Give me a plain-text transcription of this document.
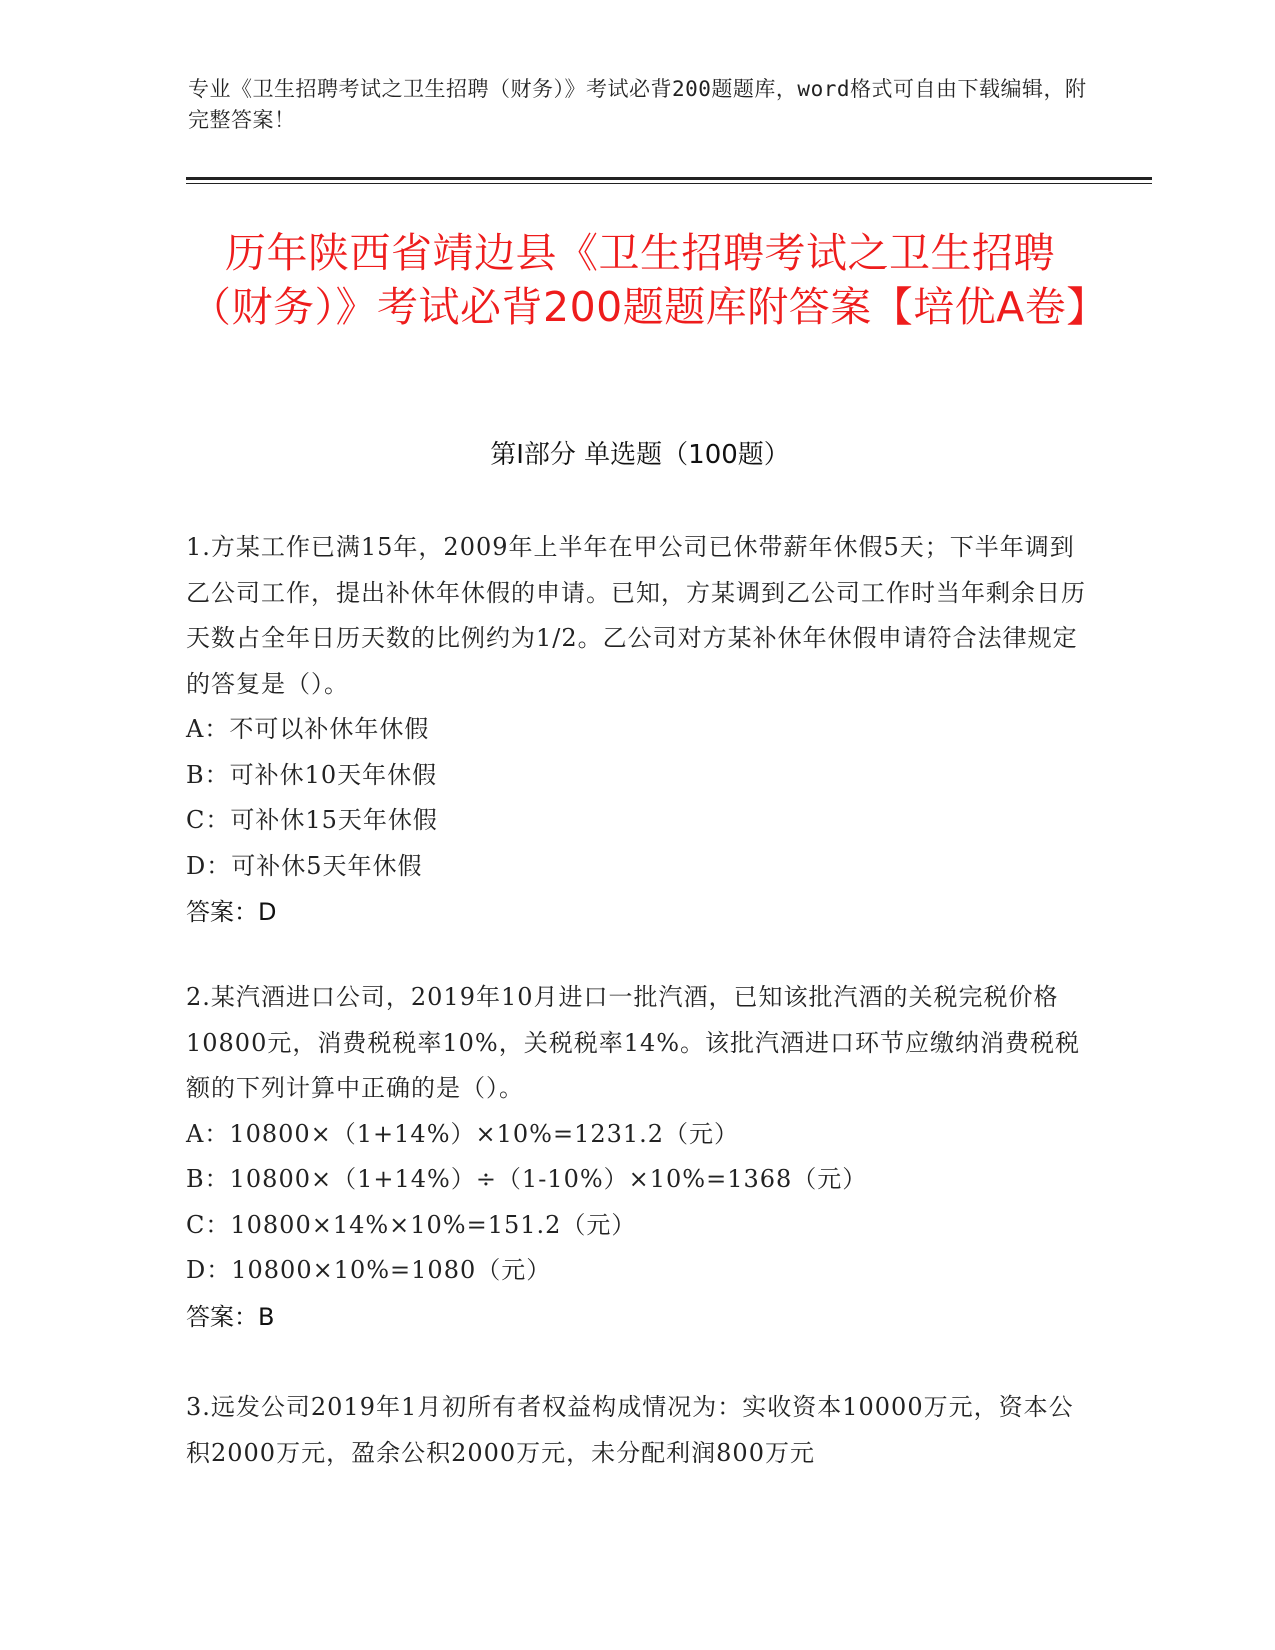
专业《卫生招聘考试之卫生招聘（财务）》考试必背200题题库，word格式可自由下载编辑，附完整答案！
历年陕西省靖边县《卫生招聘考试之卫生招聘（财务）》考试必背200题题库附答案【培优A卷】
第Ⅰ部分 单选题（100题）
1.方某工作已满15年，2009年上半年在甲公司已休带薪年休假5天；下半年调到乙公司工作，提出补休年休假的申请。已知，方某调到乙公司工作时当年剩余日历天数占全年日历天数的比例约为1/2。乙公司对方某补休年休假申请符合法律规定的答复是（）。
A：不可以补休年休假
B：可补休10天年休假
C：可补休15天年休假
D：可补休5天年休假
答案：D
2.某汽酒进口公司，2019年10月进口一批汽酒，已知该批汽酒的关税完税价格10800元，消费税税率10%，关税税率14%。该批汽酒进口环节应缴纳消费税税额的下列计算中正确的是（）。
A：10800×（1+14%）×10%=1231.2（元）
B：10800×（1+14%）÷（1-10%）×10%=1368（元）
C：10800×14%×10%=151.2（元）
D：10800×10%=1080（元）
答案：B
3.远发公司2019年1月初所有者权益构成情况为：实收资本10000万元，资本公积2000万元，盈余公积2000万元，未分配利润800万元
